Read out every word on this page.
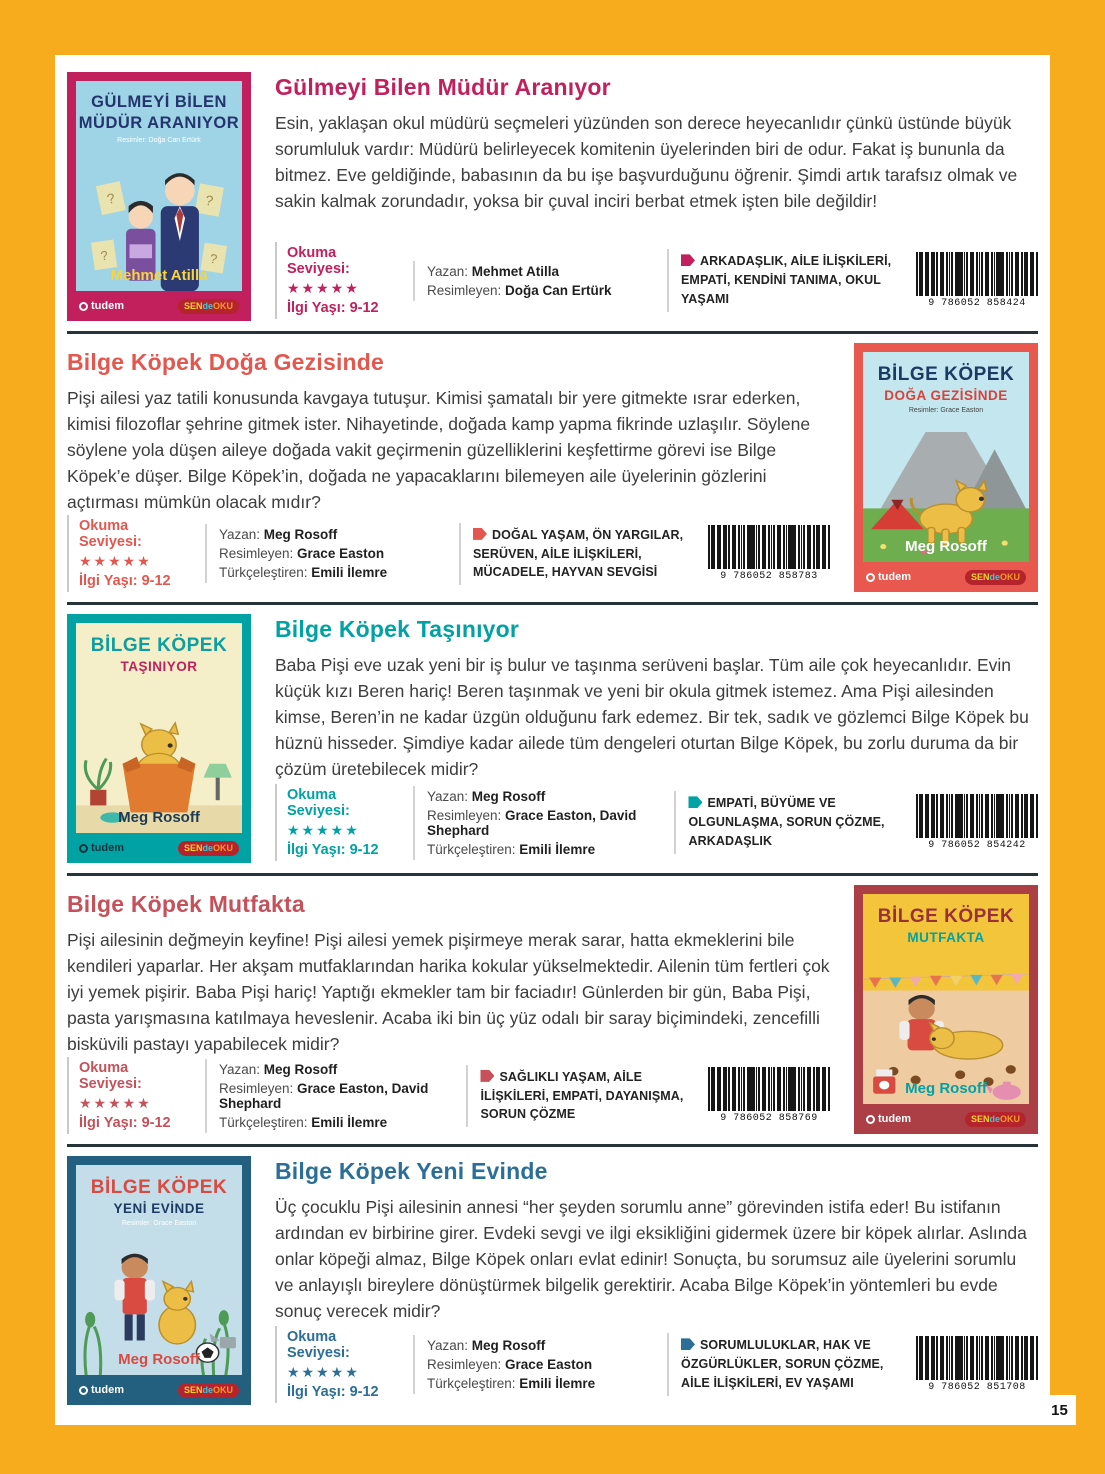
GÜLMEYİ BİLEN
MÜDÜR ARANIYOR
Resimler: Doğa Can Ertürk
?	?
?	?
Mehmet Atilla
tudem	SENdeOKU
Gülmeyi Bilen Müdür Aranıyor

Esin, yaklaşan okul müdürü seçmeleri yüzünden son derece heyecanlıdır çünkü üstünde büyük sorumluluk vardır: Müdürü belirleyecek komitenin üyelerinden biri de odur. Fakat iş bununla da bitmez. Eve geldiğinde, babasının da bu işe başvurduğunu öğrenir. Şimdi artık tarafsız olmak ve sakin kalmak zorundadır, yoksa bir çuval inciri berbat etmek işten bile değildir!

Okuma Seviyesi:
★★★★★
İlgi Yaşı: 9-12
Yazan: Mehmet Atilla
Resimleyen: Doğa Can Ertürk
ARKADAŞLIK, AİLE İLİŞKİLERİ, EMPATİ, KENDİNİ TANIMA, OKUL YAŞAMI	9 786052 858424
Bilge Köpek Doğa Gezisinde

Pişi ailesi yaz tatili konusunda kavgaya tutuşur. Kimisi şamatalı bir yere gitmekte ısrar ederken, kimisi filozoflar şehrine gitmek ister. Nihayetinde, doğada kamp yapma fikrinde uzlaşılır. Söylene söylene yola düşen aileye doğada vakit geçirmenin güzelliklerini keşfettirme görevi ise Bilge Köpek’e düşer. Bilge Köpek’in, doğada ne yapacaklarını bilemeyen aile üyelerinin gözlerini açtırması mümkün olacak mıdır?

Okuma Seviyesi:
★★★★★
İlgi Yaşı: 9-12
Yazan: Meg Rosoff
Resimleyen: Grace Easton
Türkçeleştiren: Emili İlemre
DOĞAL YAŞAM, ÖN YARGILAR, SERÜVEN, AİLE İLİŞKİLERİ, MÜCADELE, HAYVAN SEVGİSİ	9 786052 858783
BİLGE KÖPEK
DOĞA GEZİSİNDE
Resimler: Grace Easton
Meg Rosoff
tudem	SENdeOKU
BİLGE KÖPEK
TAŞINIYOR
Meg Rosoff
tudem	SENdeOKU
Bilge Köpek Taşınıyor

Baba Pişi eve uzak yeni bir iş bulur ve taşınma serüveni başlar. Tüm aile çok heyecanlıdır. Evin küçük kızı Beren hariç! Beren taşınmak ve yeni bir okula gitmek istemez. Ama Pişi ailesinden kimse, Beren’in ne kadar üzgün olduğunu fark edemez. Bir tek, sadık ve gözlemci Bilge Köpek bu hüznü hisseder. Şimdiye kadar ailede tüm dengeleri oturtan Bilge Köpek, bu zorlu duruma da bir çözüm üretebilecek midir?

Okuma Seviyesi:
★★★★★
İlgi Yaşı: 9-12
Yazan: Meg Rosoff
Resimleyen: Grace Easton, David Shephard
Türkçeleştiren: Emili İlemre
EMPATİ, BÜYÜME VE OLGUNLAŞMA, SORUN ÇÖZME, ARKADAŞLIK	9 786052 854242
Bilge Köpek Mutfakta

Pişi ailesinin değmeyin keyfine! Pişi ailesi yemek pişirmeye merak sarar, hatta ekmeklerini bile kendileri yaparlar. Her akşam mutfaklarından harika kokular yükselmektedir. Ailenin tüm fertleri çok iyi yemek pişirir. Baba Pişi hariç! Yaptığı ekmekler tam bir faciadır! Günlerden bir gün, Baba Pişi, pasta yarışmasına katılmaya heveslenir. Acaba iki bin üç yüz odalı bir saray biçimindeki, zencefilli bisküvili pastayı yapabilecek midir?

Okuma Seviyesi:
★★★★★
İlgi Yaşı: 9-12
Yazan: Meg Rosoff
Resimleyen: Grace Easton, David Shephard
Türkçeleştiren: Emili İlemre
SAĞLIKLI YAŞAM, AİLE İLİŞKİLERİ, EMPATİ, DAYANIŞMA, SORUN ÇÖZME	9 786052 858769
BİLGE KÖPEK
MUTFAKTA
Meg Rosoff
tudem	SENdeOKU
BİLGE KÖPEK
YENİ EVİNDE
Resimler: Grace Easton
Meg Rosoff
tudem	SENdeOKU
Bilge Köpek Yeni Evinde

Üç çocuklu Pişi ailesinin annesi “her şeyden sorumlu anne” görevinden istifa eder! Bu istifanın ardından ev birbirine girer. Evdeki sevgi ve ilgi eksikliğini gidermek üzere bir köpek alırlar. Aslında onlar köpeği almaz, Bilge Köpek onları evlat edinir! Sonuçta, bu sorumsuz aile üyelerini sorumlu ve anlayışlı bireylere dönüştürmek bilgelik gerektirir. Acaba Bilge Köpek’in yöntemleri bu evde sonuç verecek midir?

Okuma Seviyesi:
★★★★★
İlgi Yaşı: 9-12
Yazan: Meg Rosoff
Resimleyen: Grace Easton
Türkçeleştiren: Emili İlemre
SORUMLULUKLAR, HAK VE ÖZGÜRLÜKLER, SORUN ÇÖZME, AİLE İLİŞKİLERİ, EV YAŞAMI	9 786052 851708
15
